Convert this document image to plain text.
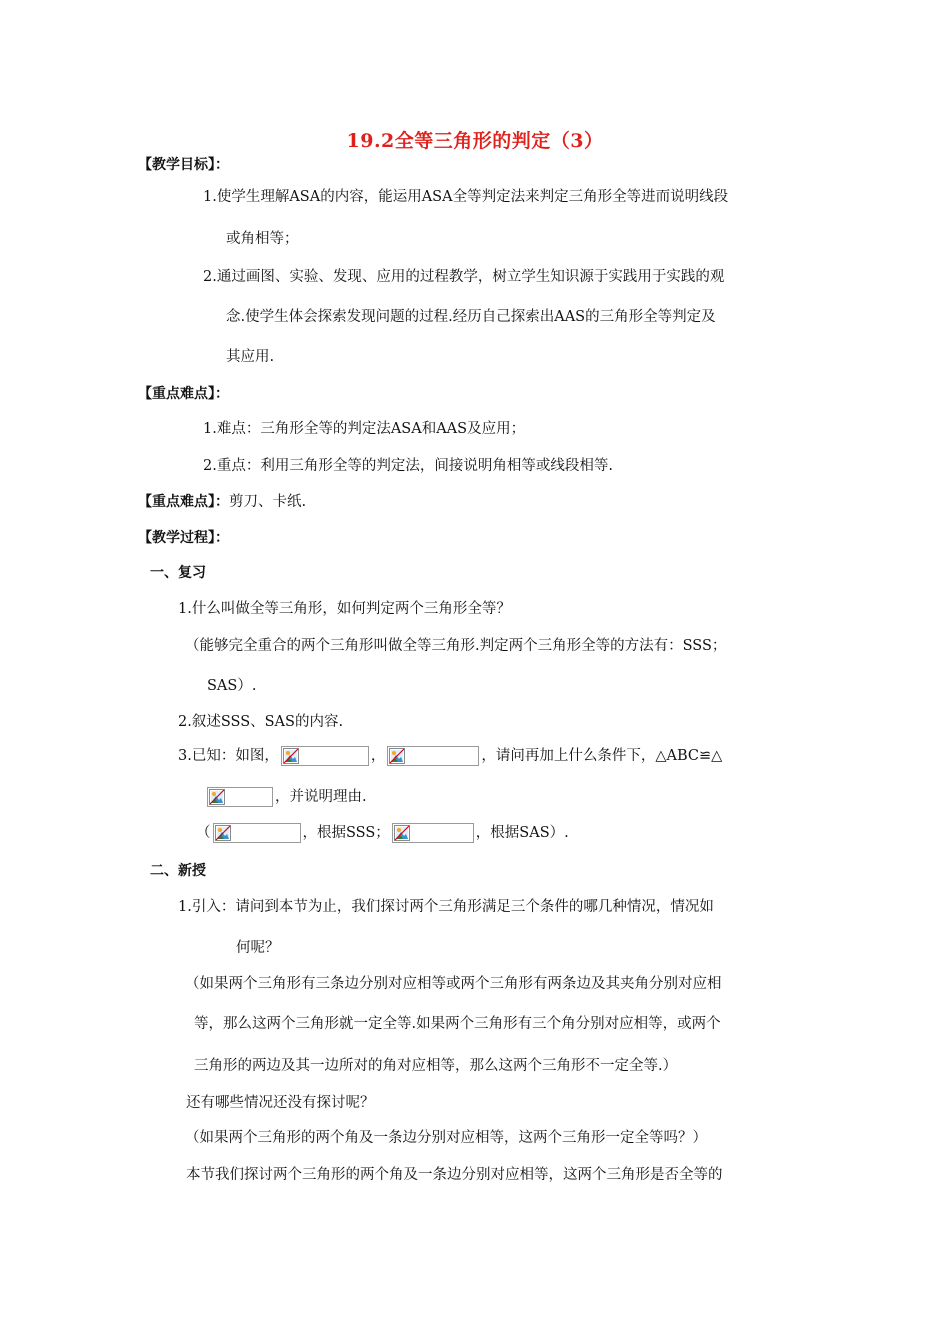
19.2全等三角形的判定（3）
【教学目标】：
1.使学生理解ASA的内容，能运用ASA全等判定法来判定三角形全等进而说明线段
或角相等；
2.通过画图、实验、发现、应用的过程教学，树立学生知识源于实践用于实践的观
念.使学生体会探索发现问题的过程.经历自己探索出AAS的三角形全等判定及
其应用.
【重点难点】：
1.难点：三角形全等的判定法ASA和AAS及应用；
2.重点：利用三角形全等的判定法，间接说明角相等或线段相等.
【重点难点】：剪刀、卡纸.
【教学过程】：
一、复习
1.什么叫做全等三角形，如何判定两个三角形全等？
（能够完全重合的两个三角形叫做全等三角形.判定两个三角形全等的方法有：SSS；
SAS）.
2.叙述SSS、SAS的内容.
3.已知：如图，	，	，请问再加上什么条件下，△ABC≌△
，并说明理由.
（	，根据SSS；	，根据SAS）.
二、新授
1.引入：请问到本节为止，我们探讨两个三角形满足三个条件的哪几种情况，情况如
何呢？
（如果两个三角形有三条边分别对应相等或两个三角形有两条边及其夹角分别对应相
等，那么这两个三角形就一定全等.如果两个三角形有三个角分别对应相等，或两个
三角形的两边及其一边所对的角对应相等，那么这两个三角形不一定全等.）
还有哪些情况还没有探讨呢？
（如果两个三角形的两个角及一条边分别对应相等，这两个三角形一定全等吗？）
本节我们探讨两个三角形的两个角及一条边分别对应相等，这两个三角形是否全等的
